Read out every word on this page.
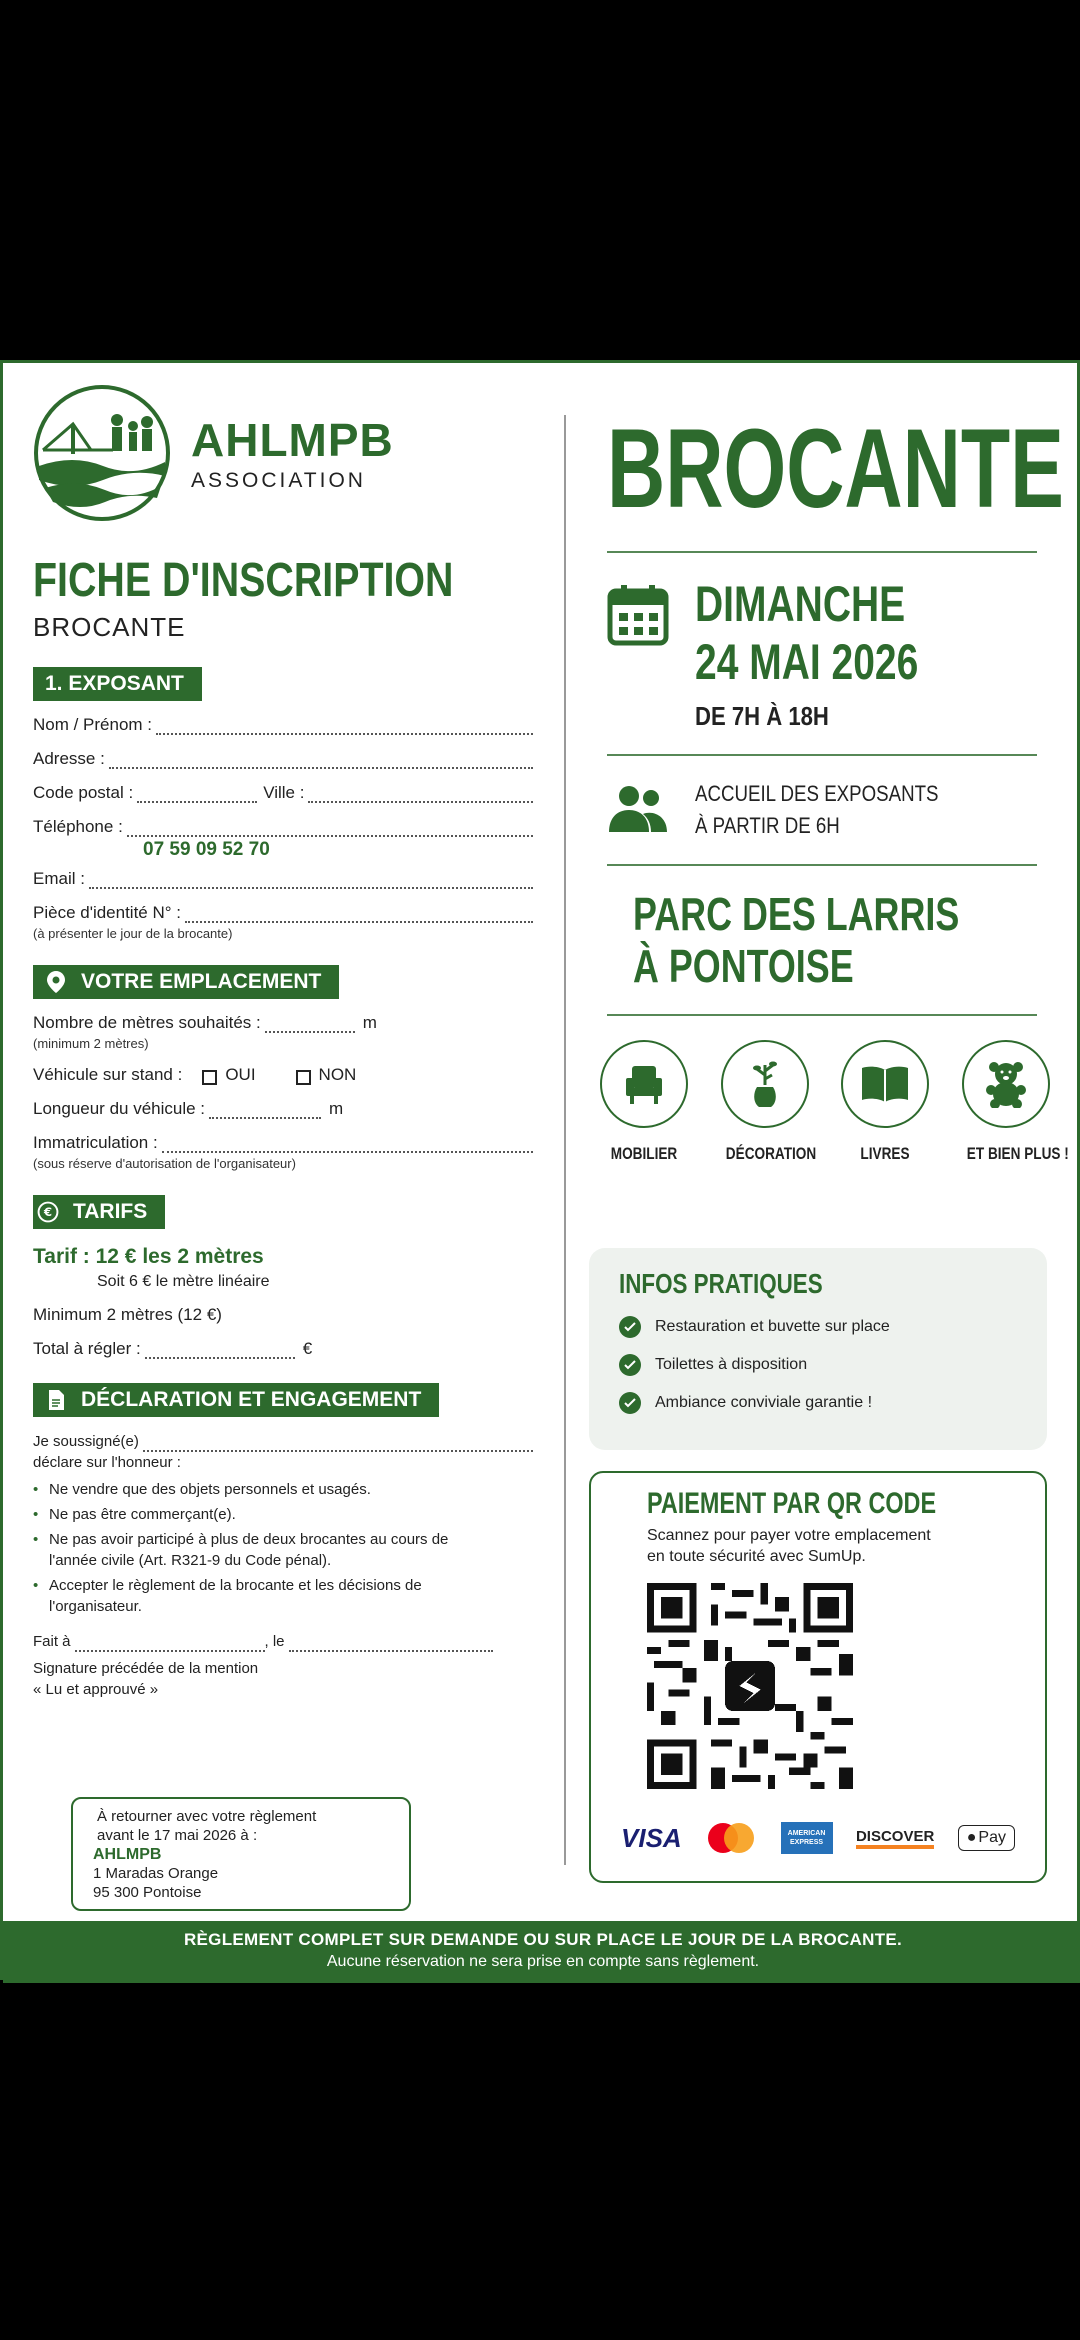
AHLMPB
ASSOCIATION
FICHE D'INSCRIPTION
BROCANTE
1. EXPOSANT
Nom / Prénom :
Adresse :
Code postal :	Ville :
Téléphone :
07 59 09 52 70
Email :
Pièce d'identité N° :
(à présenter le jour de la brocante)
VOTRE EMPLACEMENT
Nombre de mètres souhaités :	m
(minimum 2 mètres)
Véhicule sur stand :	OUI	NON
Longueur du véhicule :	m
Immatriculation :
(sous réserve d'autorisation de l'organisateur)
€ TARIFS
Tarif : 12 € les 2 mètres
Soit 6 € le mètre linéaire
Minimum 2 mètres (12 €)
Total à régler :	€
DÉCLARATION ET ENGAGEMENT
Je soussigné(e)
déclare sur l'honneur :
• Ne vendre que des objets personnels et usagés.
• Ne pas être commerçant(e).
• Ne pas avoir participé à plus de deux brocantes au cours de l'année civile (Art. R321-9 du Code pénal).
• Accepter le règlement de la brocante et les décisions de l'organisateur.
Fait à	, le
Signature précédée de la mention
« Lu et approuvé »
À retourner avec votre règlement
avant le 17 mai 2026 à :
AHLMPB
1 Maradas Orange
95 300 Pontoise
BROCANTE
DIMANCHE
24 MAI 2026
DE 7H À 18H
ACCUEIL DES EXPOSANTS
À PARTIR DE 6H
PARC DES LARRIS
À PONTOISE
MOBILIER	DÉCORATION	LIVRES	ET BIEN PLUS !
INFOS PRATIQUES
Restauration et buvette sur place
Toilettes à disposition
Ambiance conviviale garantie !
PAIEMENT PAR QR CODE
Scannez pour payer votre emplacement
en toute sécurité avec SumUp.
VISA	AMERICAN EXPRESS	DISCOVER ● Pay
RÈGLEMENT COMPLET SUR DEMANDE OU SUR PLACE LE JOUR DE LA BROCANTE.
Aucune réservation ne sera prise en compte sans règlement.
